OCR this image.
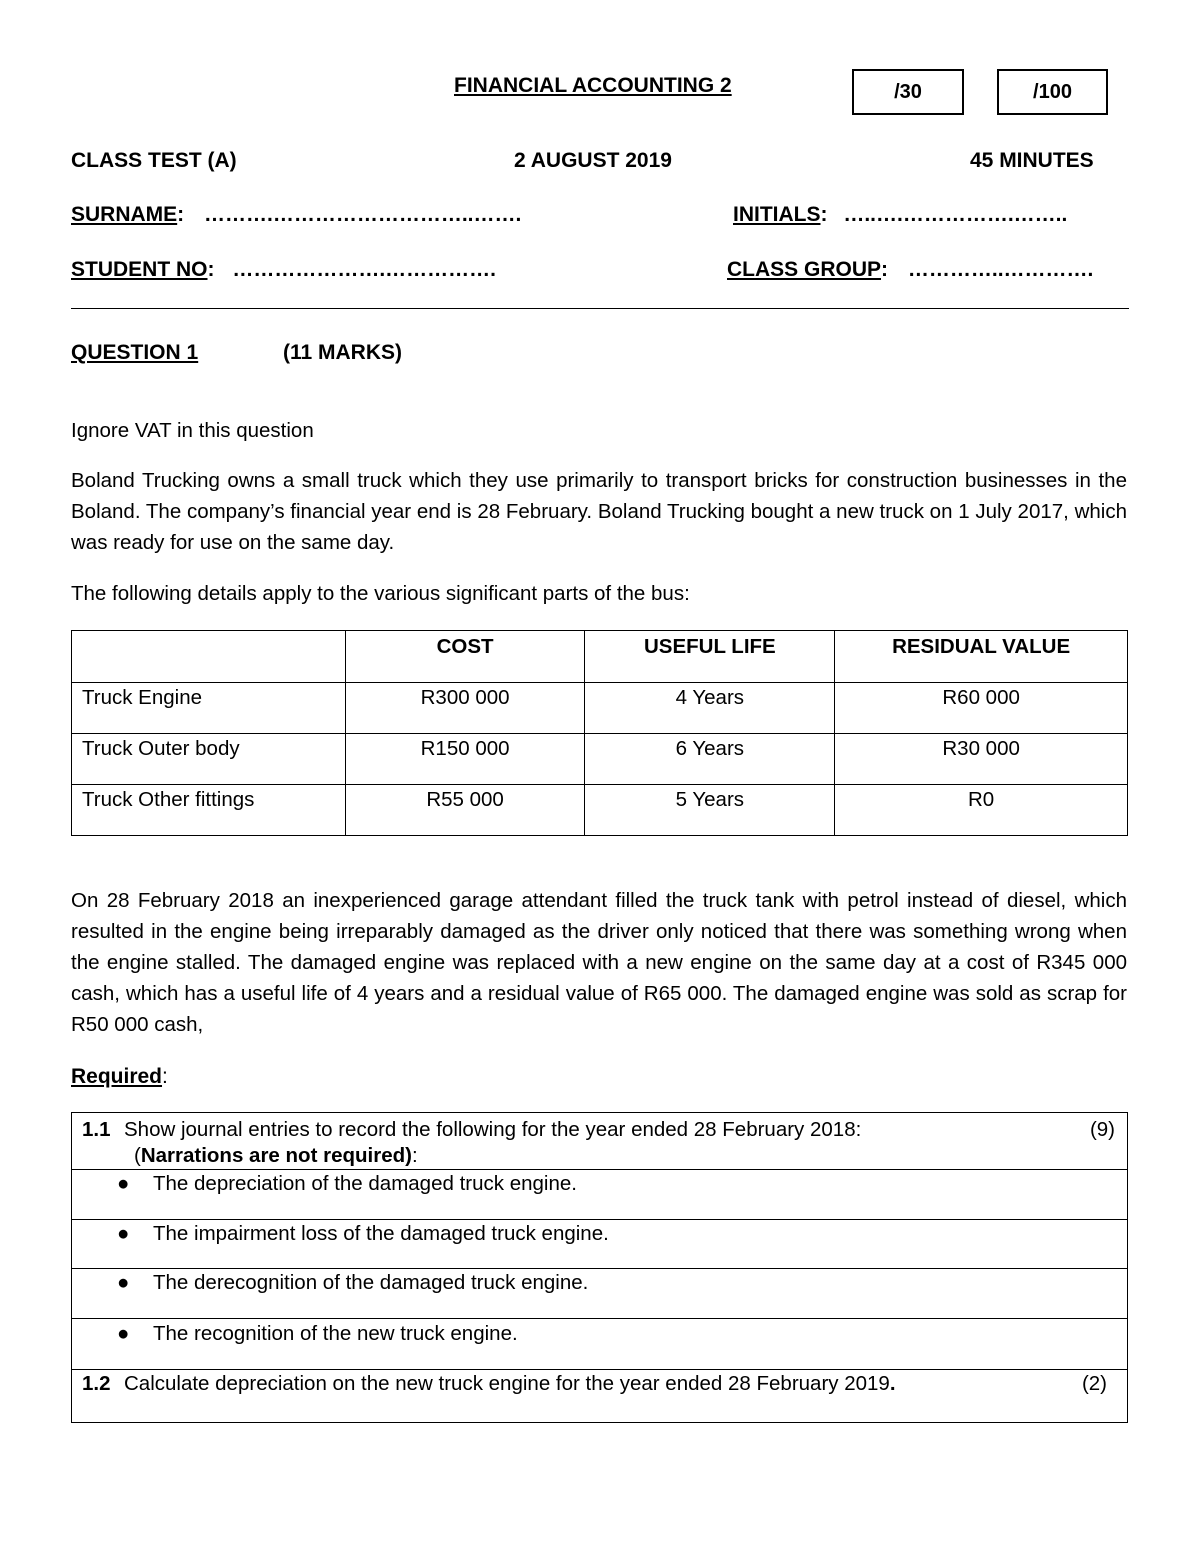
FINANCIAL ACCOUNTING 2	/30	/100
CLASS TEST (A)	2 AUGUST 2019	45 MINUTES
SURNAME: ……….………………………..…….	INITIALS: …..….…………….……..
STUDENT NO: ………………….…………….	CLASS GROUP: …………..………….
QUESTION 1	(11 MARKS)
Ignore VAT in this question
Boland Trucking owns a small truck which they use primarily to transport bricks for construction businesses in the Boland. The company’s financial year end is 28 February. Boland Trucking bought a new truck on 1 July 2017, which was ready for use on the same day.
The following details apply to the various significant parts of the bus:
	COST	USEFUL LIFE	RESIDUAL VALUE
Truck Engine	R300 000	4 Years	R60 000
Truck Outer body	R150 000	6 Years	R30 000
Truck Other fittings	R55 000	5 Years	R0
On 28 February 2018 an inexperienced garage attendant filled the truck tank with petrol instead of diesel, which resulted in the engine being irreparably damaged as the driver only noticed that there was something wrong when the engine stalled. The damaged engine was replaced with a new engine on the same day at a cost of R345 000 cash, which has a useful life of 4 years and a residual value of R65 000. The damaged engine was sold as scrap for R50 000 cash,
Required:
1.1 Show journal entries to record the following for the year ended 28 February 2018:	(9)
(Narrations are not required):

● The depreciation of the damaged truck engine.
● The impairment loss of the damaged truck engine.
● The derecognition of the damaged truck engine.
● The recognition of the new truck engine.

1.2 Calculate depreciation on the new truck engine for the year ended 28 February 2019.	(2)
